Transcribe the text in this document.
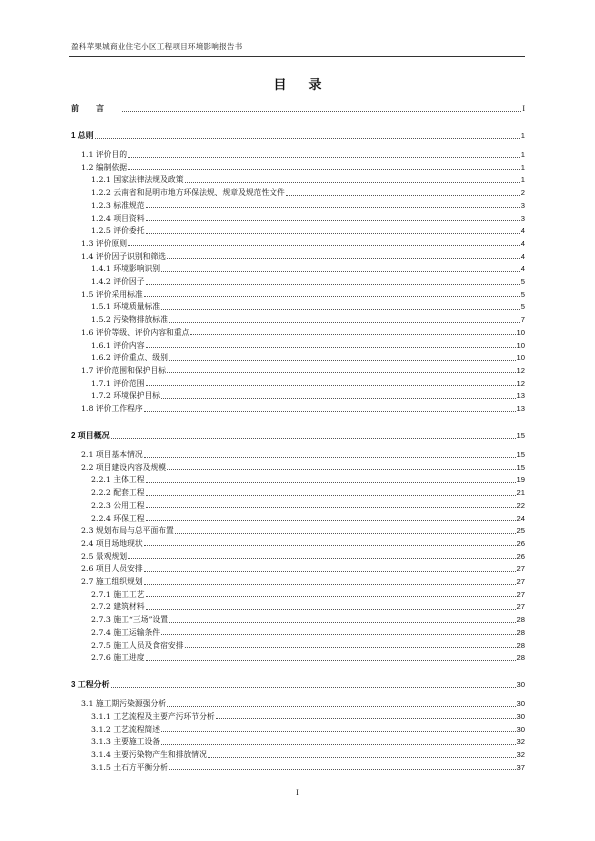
盈科苹果城商业住宅小区工程项目环境影响报告书
目录
前言	I
1 总则	1
1.1 评价目的	1
1.2 编制依据	1
1.2.1 国家法律法规及政策	1
1.2.2 云南省和昆明市地方环保法规、规章及规范性文件	2
1.2.3 标准规范	3
1.2.4 项目资料	3
1.2.5 评价委托	4
1.3 评价原则	4
1.4 评价因子识别和筛选	4
1.4.1 环境影响识别	4
1.4.2 评价因子	5
1.5 评价采用标准	5
1.5.1 环境质量标准	5
1.5.2 污染物排放标准	7
1.6 评价等级、评价内容和重点	10
1.6.1 评价内容	10
1.6.2 评价重点、级别	10
1.7 评价范围和保护目标	12
1.7.1 评价范围	12
1.7.2 环境保护目标	13
1.8 评价工作程序	13
2 项目概况	15
2.1 项目基本情况	15
2.2 项目建设内容及规模	15
2.2.1 主体工程	19
2.2.2 配套工程	21
2.2.3 公用工程	22
2.2.4 环保工程	24
2.3 规划布局与总平面布置	25
2.4 项目场地现状	26
2.5 景观规划	26
2.6 项目人员安排	27
2.7 施工组织规划	27
2.7.1 施工工艺	27
2.7.2 建筑材料	27
2.7.3 施工“三场”设置	28
2.7.4 施工运输条件	28
2.7.5 施工人员及食宿安排	28
2.7.6 施工进度	28
3 工程分析	30
3.1 施工期污染源强分析	30
3.1.1 工艺流程及主要产污环节分析	30
3.1.2 工艺流程简述	30
3.1.3 主要施工设备	32
3.1.4 主要污染物产生和排放情况	32
3.1.5 土石方平衡分析	37
I
